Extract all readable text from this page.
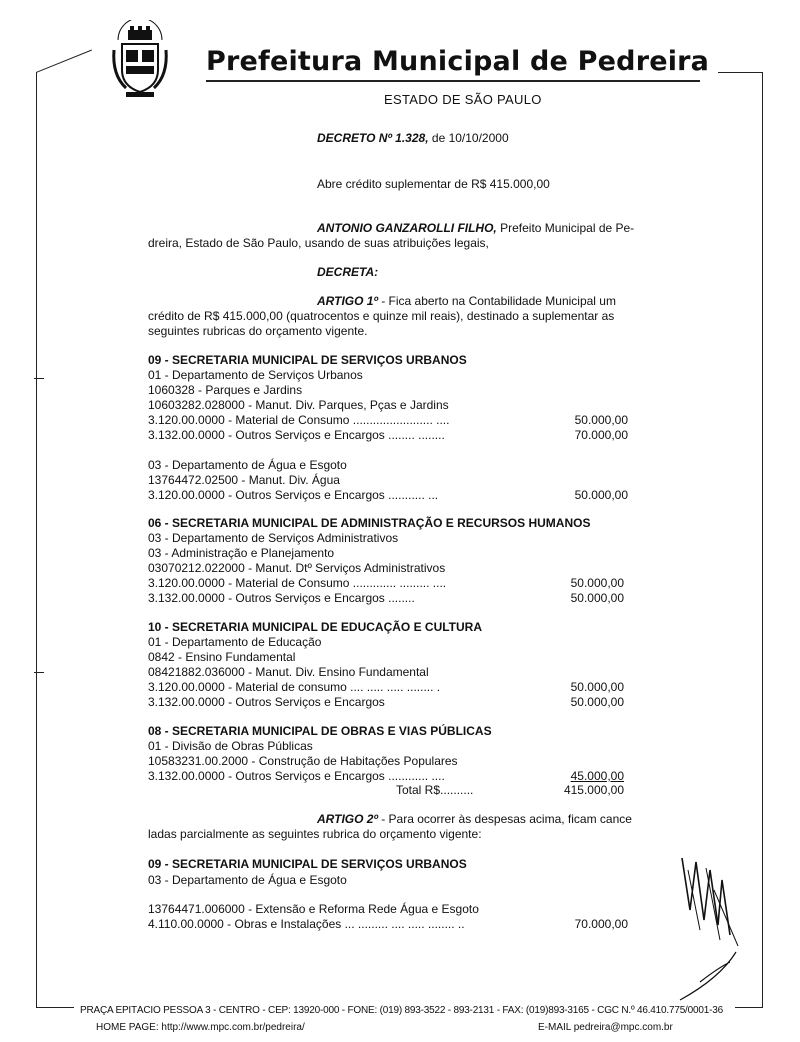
Prefeitura Municipal de Pedreira
ESTADO DE SÃO PAULO
DECRETO Nº 1.328, de 10/10/2000
Abre crédito suplementar de R$ 415.000,00
ANTONIO GANZAROLLI FILHO, Prefeito Municipal de Pe-
dreira, Estado de São Paulo, usando de suas atribuições legais,
DECRETA:
ARTIGO 1º - Fica aberto na Contabilidade Municipal um
crédito de R$ 415.000,00 (quatrocentos e quinze mil reais), destinado a suplementar as
seguintes rubricas do orçamento vigente.
09 - SECRETARIA MUNICIPAL DE SERVIÇOS URBANOS
01 - Departamento de Serviços Urbanos
1060328 - Parques e Jardins
10603282.028000 - Manut. Div. Parques, Pças e Jardins
3.120.00.0000 - Material de Consumo ........................ ....	50.000,00
3.132.00.0000 - Outros Serviços e Encargos ........ ........	70.000,00
03 - Departamento de Água e Esgoto
13764472.02500 - Manut. Div. Água
3.120.00.0000 - Outros Serviços e Encargos ........... ...	50.000,00
06 - SECRETARIA MUNICIPAL DE ADMINISTRAÇÃO E RECURSOS HUMANOS
03 - Departamento de Serviços Administrativos
03 - Administração e Planejamento
03070212.022000 - Manut. Dtº Serviços Administrativos
3.120.00.0000 - Material de Consumo ............. ......... ....	50.000,00
3.132.00.0000 - Outros Serviços e Encargos ........	50.000,00
10 - SECRETARIA MUNICIPAL DE EDUCAÇÃO E CULTURA
01 - Departamento de Educação
0842 - Ensino Fundamental
08421882.036000 - Manut. Div. Ensino Fundamental
3.120.00.0000 - Material de consumo .... ..... ..... ........ .	50.000,00
3.132.00.0000 - Outros Serviços e Encargos	50.000,00
08 - SECRETARIA MUNICIPAL DE OBRAS E VIAS PÚBLICAS
01 - Divisão de Obras Públicas
10583231.00.2000 - Construção de Habitações Populares
3.132.00.0000 - Outros Serviços e Encargos ............ ....	45.000,00
Total R$..........	415.000,00
ARTIGO 2º - Para ocorrer às despesas acima, ficam cance
ladas parcialmente as seguintes rubrica do orçamento vigente:
09 - SECRETARIA MUNICIPAL DE SERVIÇOS URBANOS
03 - Departamento de Água e Esgoto
13764471.006000 - Extensão e Reforma Rede Água e Esgoto
4.110.00.0000 - Obras e Instalações ... ......... .... ..... ........ ..	70.000,00
PRAÇA EPITÁCIO PESSOA 3 - CENTRO - CEP: 13920-000 - FONE: (019) 893-3522 - 893-2131 - FAX: (019)893-3165 - CGC N.º 46.410.775/0001-36
HOME PAGE: http://www.mpc.com.br/pedreira/	E-MAIL pedreira@mpc.com.br
